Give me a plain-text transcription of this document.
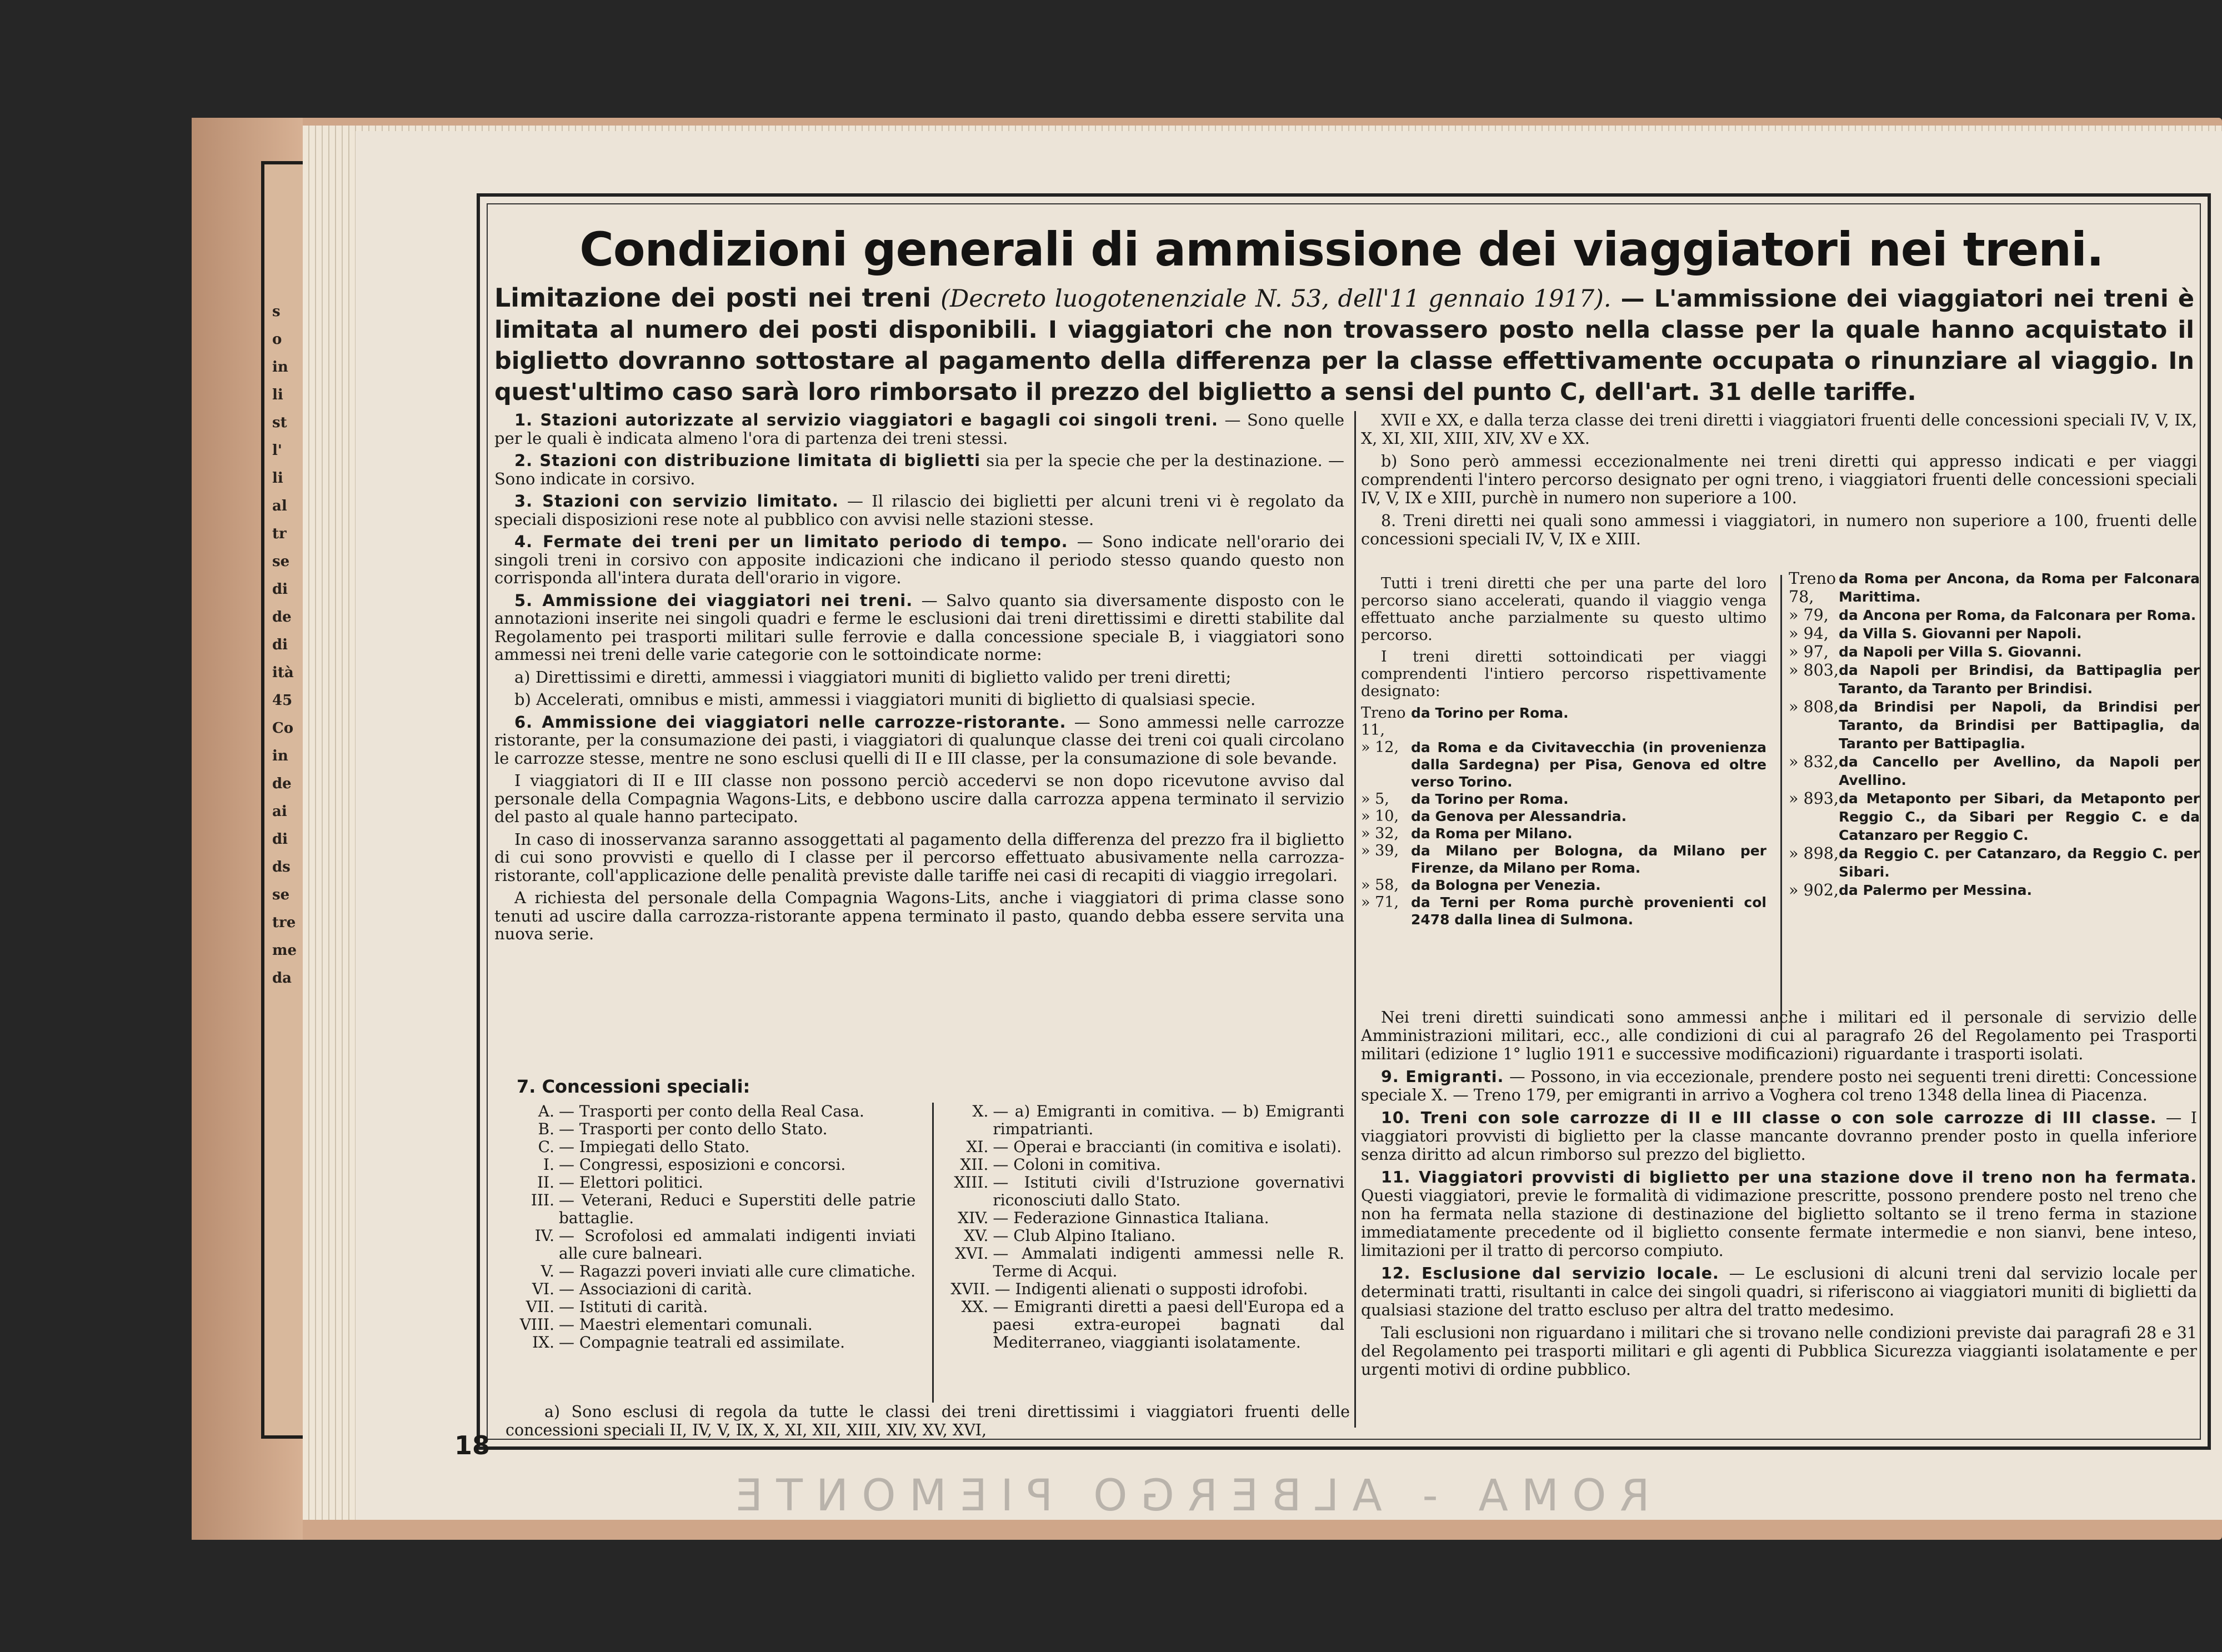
s
o
in
li
st
l'
li
al
tr
se
di
de
di
ità
45
Co
in
de
ai
di
ds
se
tre
me
da
ROMA - ALBERGO PIEMONTE
18
Condizioni generali di ammissione dei viaggiatori nei treni.

Limitazione dei posti nei treni (Decreto luogotenenziale N. 53, dell'11 gennaio 1917). — L'ammissione dei viaggiatori nei treni è limitata al numero dei posti disponibili. I viaggiatori che non trovassero posto nella classe per la quale hanno acquistato il biglietto dovranno sottostare al pagamento della differenza per la classe effettivamente occupata o rinunziare al viaggio. In quest'ultimo caso sarà loro rimborsato il prezzo del biglietto a sensi del punto C, dell'art. 31 delle tariffe.

1. Stazioni autorizzate al servizio viaggiatori e bagagli coi singoli treni. — Sono quelle per le quali è indicata almeno l'ora di partenza dei treni stessi.

2. Stazioni con distribuzione limitata di biglietti sia per la specie che per la destinazione. — Sono indicate in corsivo.

3. Stazioni con servizio limitato. — Il rilascio dei biglietti per alcuni treni vi è regolato da speciali disposizioni rese note al pubblico con avvisi nelle stazioni stesse.

4. Fermate dei treni per un limitato periodo di tempo. — Sono indicate nell'orario dei singoli treni in corsivo con apposite indicazioni che indicano il periodo stesso quando questo non corrisponda all'intera durata dell'orario in vigore.

5. Ammissione dei viaggiatori nei treni. — Salvo quanto sia diversamente disposto con le annotazioni inserite nei singoli quadri e ferme le esclusioni dai treni direttissimi e diretti stabilite dal Regolamento pei trasporti militari sulle ferrovie e dalla concessione speciale B, i viaggiatori sono ammessi nei treni delle varie categorie con le sottoindicate norme:

a) Direttissimi e diretti, ammessi i viaggiatori muniti di biglietto valido per treni diretti;

b) Accelerati, omnibus e misti, ammessi i viaggiatori muniti di biglietto di qualsiasi specie.

6. Ammissione dei viaggiatori nelle carrozze-ristorante. — Sono ammessi nelle carrozze ristorante, per la consumazione dei pasti, i viaggiatori di qualunque classe dei treni coi quali circolano le carrozze stesse, mentre ne sono esclusi quelli di II e III classe, per la consumazione di sole bevande.

I viaggiatori di II e III classe non possono perciò accedervi se non dopo ricevutone avviso dal personale della Compagnia Wagons-Lits, e debbono uscire dalla carrozza appena terminato il servizio del pasto al quale hanno partecipato.

In caso di inosservanza saranno assoggettati al pagamento della differenza del prezzo fra il biglietto di cui sono provvisti e quello di I classe per il percorso effettuato abusivamente nella carrozza-ristorante, coll'applicazione delle penalità previste dalle tariffe nei casi di recapiti di viaggio irregolari.

A richiesta del personale della Compagnia Wagons-Lits, anche i viaggiatori di prima classe sono tenuti ad uscire dalla carrozza-ristorante appena terminato il pasto, quando debba essere servita una nuova serie.

7. Concessioni speciali:
A. — Trasporti per conto della Real Casa.
B. — Trasporti per conto dello Stato.
C. — Impiegati dello Stato.
I. — Congressi, esposizioni e concorsi.
II. — Elettori politici.
III. — Veterani, Reduci e Superstiti delle patrie battaglie.
IV. — Scrofolosi ed ammalati indigenti inviati alle cure balneari.
V. — Ragazzi poveri inviati alle cure climatiche.
VI. — Associazioni di carità.
VII. — Istituti di carità.
VIII. — Maestri elementari comunali.
IX. — Compagnie teatrali ed assimilate.
X. — a) Emigranti in comitiva. — b) Emigranti rimpatrianti.
XI. — Operai e braccianti (in comitiva e isolati).
XII. — Coloni in comitiva.
XIII. — Istituti civili d'Istruzione governativi riconosciuti dallo Stato.
XIV. — Federazione Ginnastica Italiana.
XV. — Club Alpino Italiano.
XVI. — Ammalati indigenti ammessi nelle R. Terme di Acqui.
XVII. — Indigenti alienati o supposti idrofobi.
XX. — Emigranti diretti a paesi dell'Europa ed a paesi extra-europei bagnati dal Mediterraneo, viaggianti isolatamente.
a) Sono esclusi di regola da tutte le classi dei treni direttissimi i viaggiatori fruenti delle concessioni speciali II, IV, V, IX, X, XI, XII, XIII, XIV, XV, XVI,

XVII e XX, e dalla terza classe dei treni diretti i viaggiatori fruenti delle concessioni speciali IV, V, IX, X, XI, XII, XIII, XIV, XV e XX.

b) Sono però ammessi eccezionalmente nei treni diretti qui appresso indicati e per viaggi comprendenti l'intero percorso designato per ogni treno, i viaggiatori fruenti delle concessioni speciali IV, V, IX e XIII, purchè in numero non superiore a 100.

8. Treni diretti nei quali sono ammessi i viaggiatori, in numero non superiore a 100, fruenti delle concessioni speciali IV, V, IX e XIII.

Tutti i treni diretti che per una parte del loro percorso siano accelerati, quando il viaggio venga effettuato anche parzialmente su questo ultimo percorso.

I treni diretti sottoindicati per viaggi comprendenti l'intiero percorso rispettivamente designato:

Treno 11,
da Torino per Roma.
» 12, da Roma e da Civitavecchia (in provenienza dalla Sardegna) per Pisa, Genova ed oltre verso Torino.
» 5,	da Torino per Roma.
» 10, da Genova per Alessandria.
» 32, da Roma per Milano.
» 39, da Milano per Bologna, da Milano per Firenze, da Milano per Roma.
» 58, da Bologna per Venezia.
» 71, da Terni per Roma purchè provenienti col 2478 dalla linea di Sulmona.
Treno 78,
da Roma per Ancona, da Roma per Falconara Marittima.
» 79, da Ancona per Roma, da Falconara per Roma.
» 94, da Villa S. Giovanni per Napoli.
» 97, da Napoli per Villa S. Giovanni.
» 803, da Napoli per Brindisi, da Battipaglia per Taranto, da Taranto per Brindisi.
» 808, da Brindisi per Napoli, da Brindisi per Taranto, da Brindisi per Battipaglia, da Taranto per Battipaglia.
» 832, da Cancello per Avellino, da Napoli per Avellino.
» 893, da Metaponto per Sibari, da Metaponto per Reggio C., da Sibari per Reggio C. e da Catanzaro per Reggio C.
» 898, da Reggio C. per Catanzaro, da Reggio C. per Sibari.
» 902, da Palermo per Messina.

Nei treni diretti suindicati sono ammessi anche i militari ed il personale di servizio delle Amministrazioni militari, ecc., alle condizioni di cui al paragrafo 26 del Regolamento pei Trasporti militari (edizione 1° luglio 1911 e successive modificazioni) riguardante i trasporti isolati.

9. Emigranti. — Possono, in via eccezionale, prendere posto nei seguenti treni diretti: Concessione speciale X. — Treno 179, per emigranti in arrivo a Voghera col treno 1348 della linea di Piacenza.

10. Treni con sole carrozze di II e III classe o con sole carrozze di III classe. — I viaggiatori provvisti di biglietto per la classe mancante dovranno prender posto in quella inferiore senza diritto ad alcun rimborso sul prezzo del biglietto.

11. Viaggiatori provvisti di biglietto per una stazione dove il treno non ha fermata. Questi viaggiatori, previe le formalità di vidimazione prescritte, possono prendere posto nel treno che non ha fermata nella stazione di destinazione del biglietto soltanto se il treno ferma in stazione immediatamente precedente od il biglietto consente fermate intermedie e non sianvi, bene inteso, limitazioni per il tratto di percorso compiuto.

12. Esclusione dal servizio locale. — Le esclusioni di alcuni treni dal servizio locale per determinati tratti, risultanti in calce dei singoli quadri, si riferiscono ai viaggiatori muniti di biglietti da qualsiasi stazione del tratto escluso per altra del tratto medesimo.

Tali esclusioni non riguardano i militari che si trovano nelle condizioni previste dai paragrafi 28 e 31 del Regolamento pei trasporti militari e gli agenti di Pubblica Sicurezza viaggianti isolatamente e per urgenti motivi di ordine pubblico.
